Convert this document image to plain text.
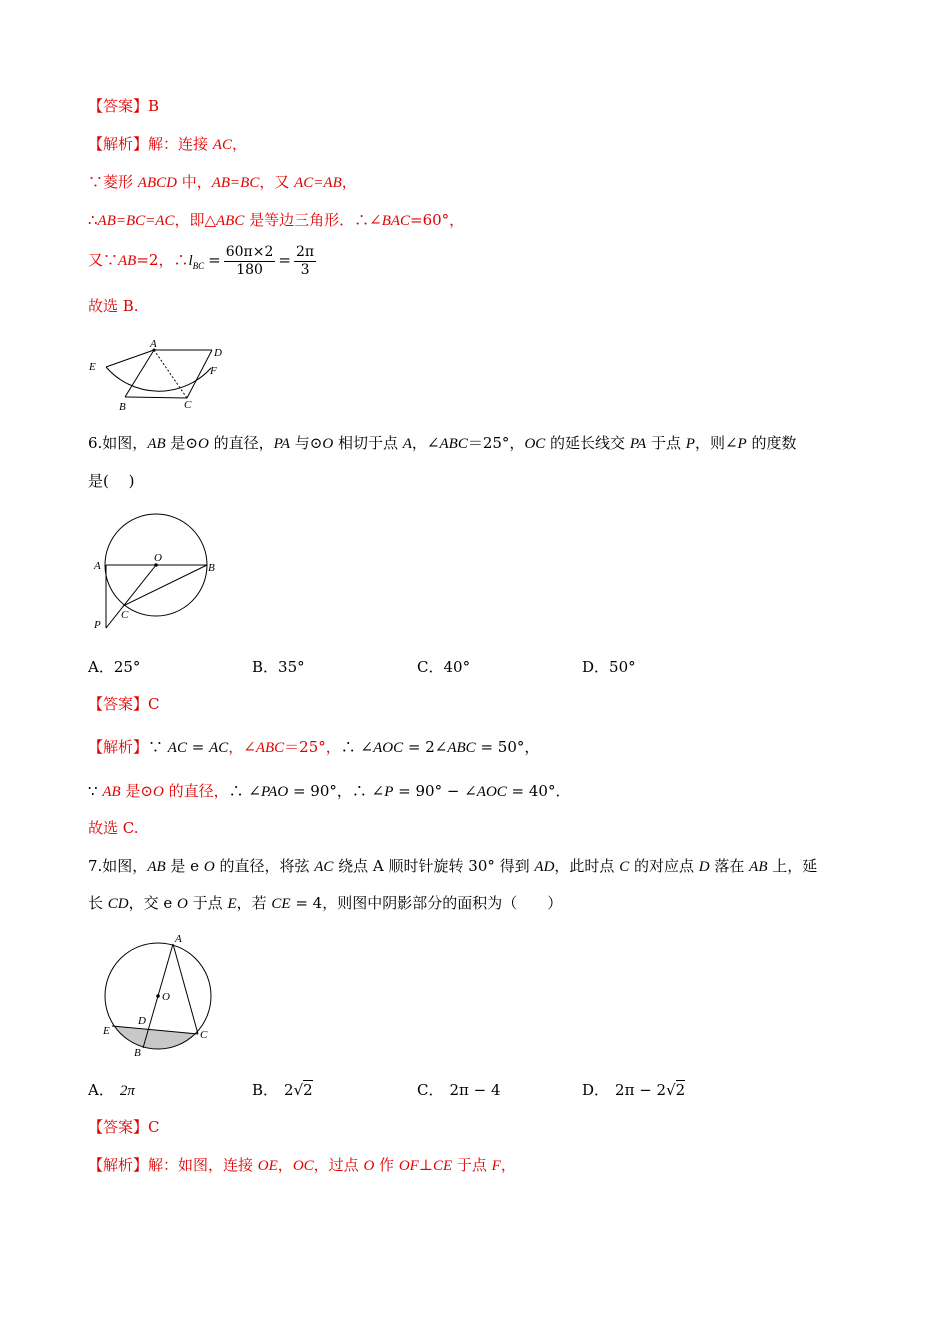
【答案】B
【解析】解：连接 AC，
∵菱形 ABCD 中，AB=BC，又 AC=AB，
∴AB=BC=AC，即△ABC 是等边三角形．∴∠BAC=60°，
又∵AB=2，$\therefore l_{BC} = \frac{60\pi\times 2}{180} = \frac{2\pi}{3}$
故选 B.
A
E
D
F
B	C
6.如图，AB 是⊙O 的直径，PA 与⊙O 相切于点 A，∠ABC＝25°，OC 的延长线交 PA 于点 P，则∠P 的度数
是(　 )
O
A	B
C
P
A．25°	B．35°	C．40°	D．50°
【答案】C
【解析】∵ AC = AC，∠ABC＝25°，∴ ∠AOC = 2∠ABC = 50°，
∵ AB 是⊙O 的直径，∴ ∠PAO = 90°，∴ ∠P = 90° − ∠AOC = 40°．
故选 C.
7.如图，AB 是 e O 的直径，将弦 AC 绕点 A 顺时针旋转 30° 得到 AD，此时点 C 的对应点 D 落在 AB 上，延
长 CD，交 e O 于点 E，若 CE = 4，则图中阴影部分的面积为（　　）
A
O
D
E	C
B
A． 2π	B． 2√2	C． 2π − 4	D． 2π − 2√2
【答案】C
【解析】解：如图，连接 OE，OC，过点 O 作 OF⊥CE 于点 F，
